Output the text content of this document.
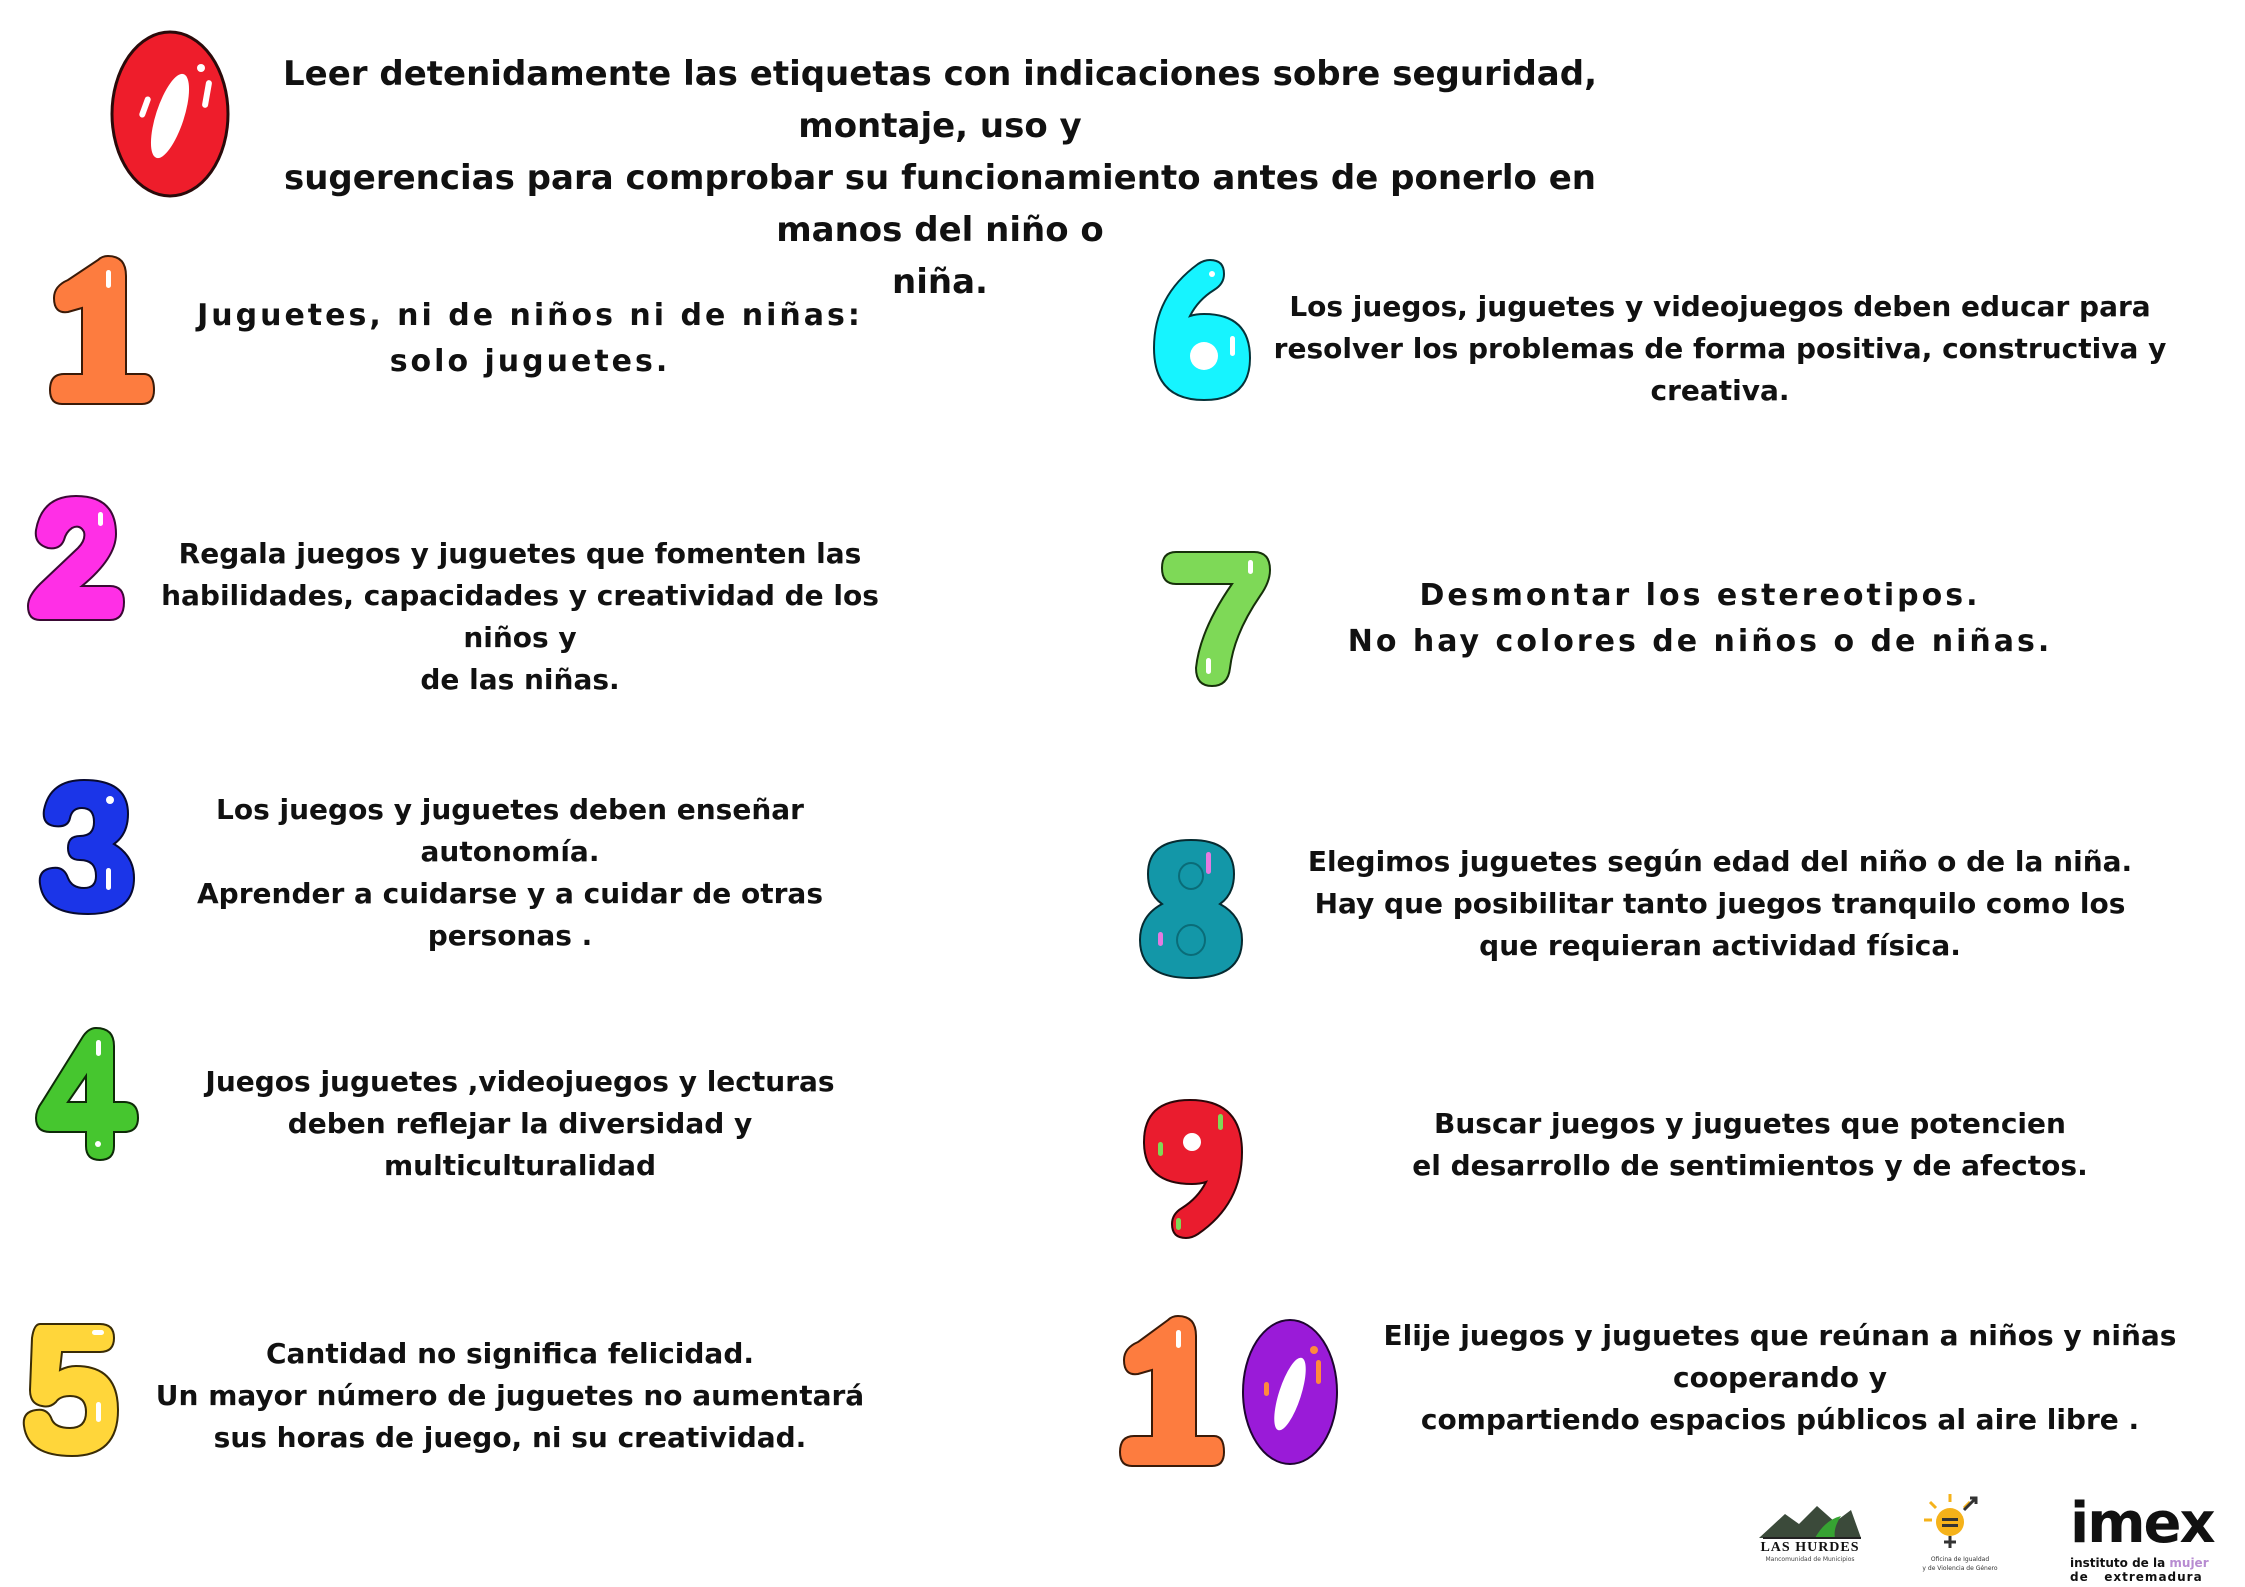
Leer detenidamente las etiquetas con indicaciones sobre seguridad, montaje, uso y
sugerencias para comprobar su funcionamiento antes de ponerlo en manos del niño o
niña.
Juguetes, ni de niños ni de niñas:
solo juguetes.
Regala juegos y juguetes que fomenten las
habilidades, capacidades y creatividad de los niños y
de las niñas.
Los juegos y juguetes deben enseñar
autonomía.
Aprender a cuidarse y a cuidar de otras
personas .
Juegos juguetes ,videojuegos y lecturas
deben reflejar la diversidad y
multiculturalidad
Cantidad no significa felicidad.
Un mayor número de juguetes no aumentará
sus horas de juego, ni su creatividad.
Los juegos, juguetes y videojuegos deben educar para
resolver los problemas de forma positiva, constructiva y
creativa.
Desmontar los estereotipos.
No hay colores de niños o de niñas.
Elegimos juguetes según edad del niño o de la niña.
Hay que posibilitar tanto juegos tranquilo como los
que requieran actividad física.
Buscar juegos y juguetes que potencien
el desarrollo de sentimientos y de afectos.
Elije juegos y juguetes que reúnan a niños y niñas
cooperando y
compartiendo espacios públicos al aire libre .
LAS HURDES
Mancomunidad de Municipios	Oficina de Igualdad
y de Violencia de Género
imex
instituto de la mujer
de   extremadura
